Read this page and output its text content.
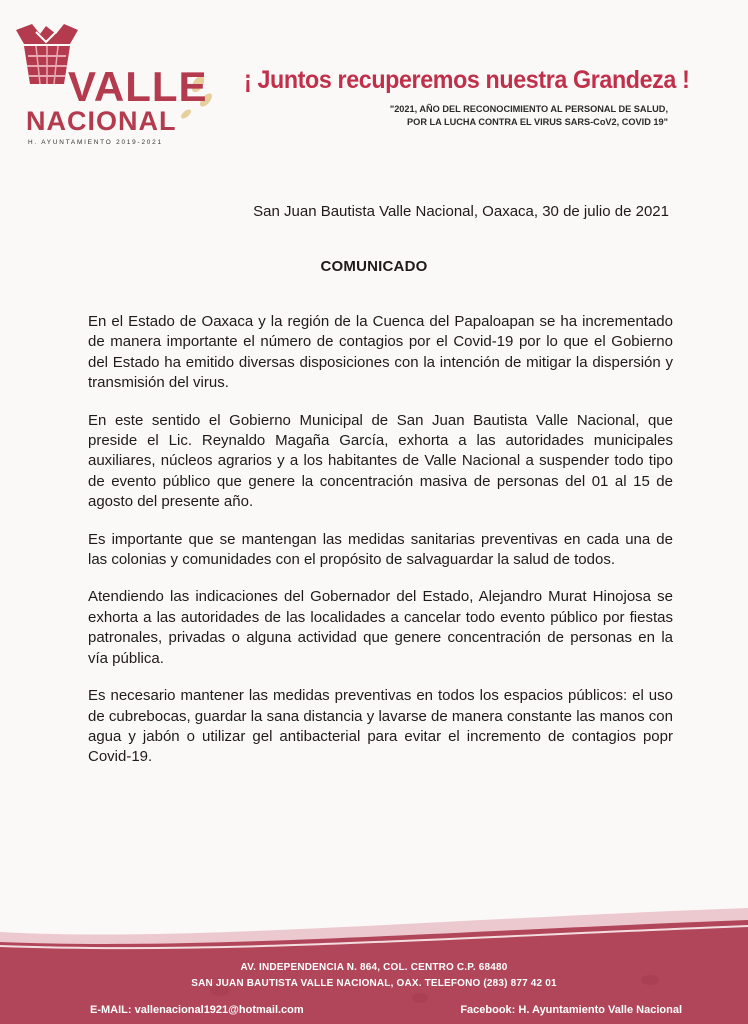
VALLE
NACIONAL
H. AYUNTAMIENTO 2019-2021
¡ Juntos recuperemos nuestra Grandeza !
"2021, AÑO DEL RECONOCIMIENTO AL PERSONAL DE SALUD,
POR LA LUCHA CONTRA EL VIRUS SARS-CoV2, COVID 19"
San Juan Bautista Valle Nacional, Oaxaca, 30 de julio de 2021
COMUNICADO

En el Estado de Oaxaca y la región de la Cuenca del Papaloapan se ha incrementado de manera importante el número de contagios por el Covid-19 por lo que el Gobierno del Estado ha emitido diversas disposiciones con la intención de mitigar la dispersión y transmisión del virus.

En este sentido el Gobierno Municipal de San Juan Bautista Valle Nacional, que preside el Lic. Reynaldo Magaña García, exhorta a las autoridades municipales auxiliares, núcleos agrarios y a los habitantes de Valle Nacional a suspender todo tipo de evento público que genere la concentración masiva de personas del 01 al 15 de agosto del presente año.

Es importante que se mantengan las medidas sanitarias preventivas en cada una de las colonias y comunidades con el propósito de salvaguardar la salud de todos.

Atendiendo las indicaciones del Gobernador del Estado, Alejandro Murat Hinojosa se exhorta a las autoridades de las localidades a cancelar todo evento público por fiestas patronales, privadas o alguna actividad que genere concentración de personas en la vía pública.

Es necesario mantener las medidas preventivas en todos los espacios públicos: el uso de cubrebocas, guardar la sana distancia y lavarse de manera constante las manos con agua y jabón o utilizar gel antibacterial para evitar el incremento de contagios popr Covid-19.

AV. INDEPENDENCIA N. 864, COL. CENTRO C.P. 68480
SAN JUAN BAUTISTA VALLE NACIONAL, OAX. TELEFONO (283) 877 42 01
E-MAIL: vallenacional1921@hotmail.com	Facebook: H. Ayuntamiento Valle Nacional
